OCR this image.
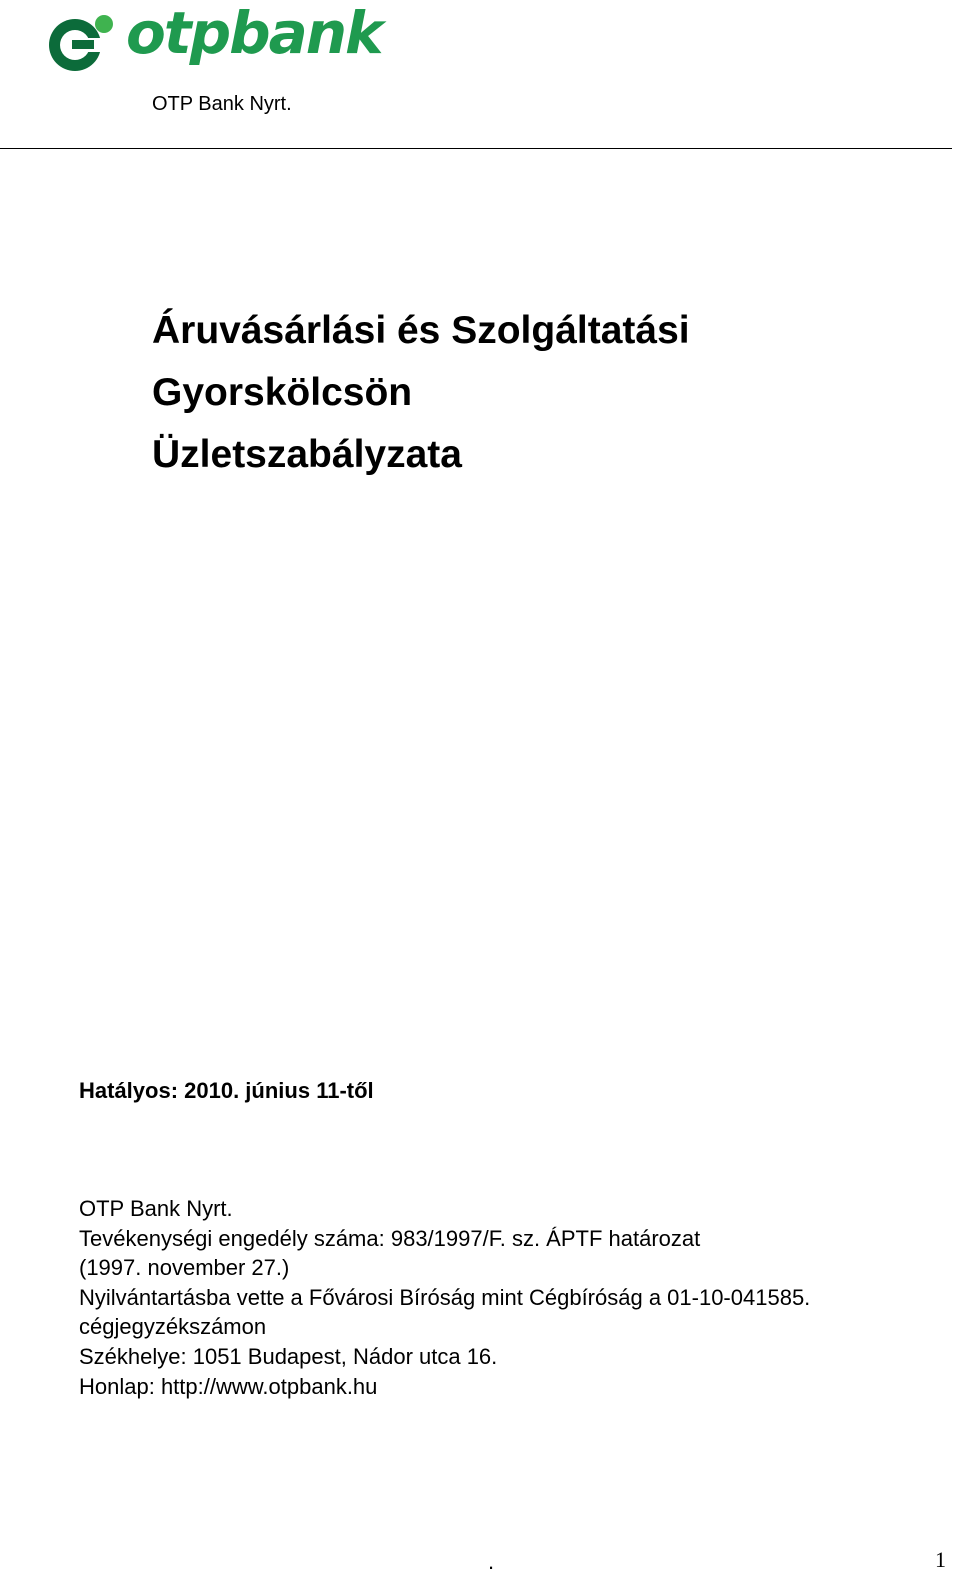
otpbank
OTP Bank Nyrt.
Áruvásárlási és Szolgáltatási
Gyorskölcsön
Üzletszabályzata
Hatályos: 2010. június 11-től
OTP Bank Nyrt.
Tevékenységi engedély száma: 983/1997/F. sz. ÁPTF határozat
(1997. november 27.)
Nyilvántartásba vette a Fővárosi Bíróság mint Cégbíróság a 01-10-041585.
cégjegyzékszámon
Székhelye: 1051 Budapest, Nádor utca 16.
Honlap: http://www.otpbank.hu
.	1
